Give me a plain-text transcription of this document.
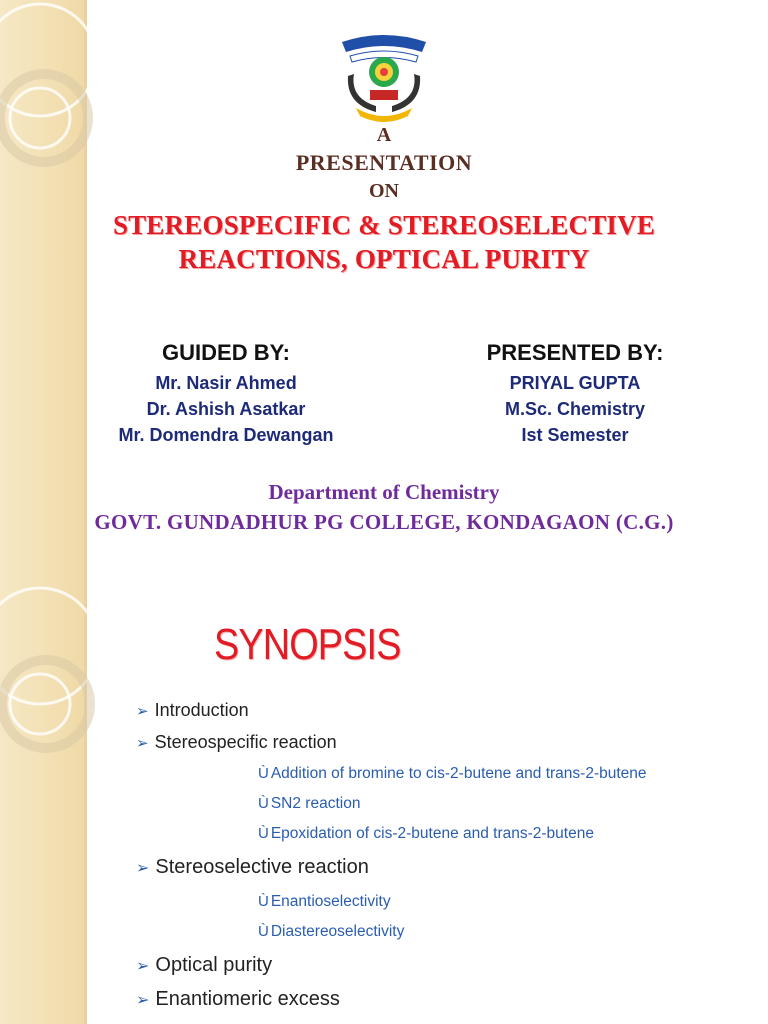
A
PRESENTATION
ON
STEREOSPECIFIC & STEREOSELECTIVE
REACTIONS, OPTICAL PURITY
GUIDED BY:
Mr. Nasir Ahmed
Dr. Ashish Asatkar
Mr. Domendra Dewangan
PRESENTED BY:
PRIYAL GUPTA
M.Sc. Chemistry
Ist Semester
Department of Chemistry
GOVT. GUNDADHUR PG COLLEGE, KONDAGAON (C.G.)
SYNOPSIS
➢ Introduction
➢ Stereospecific reaction
Ù Addition of bromine to cis-2-butene and trans-2-butene
Ù SN2 reaction
Ù Epoxidation of cis-2-butene and trans-2-butene
➢ Stereoselective reaction
Ù Enantioselectivity
Ù Diastereoselectivity
➢ Optical purity
➢ Enantiomeric excess
